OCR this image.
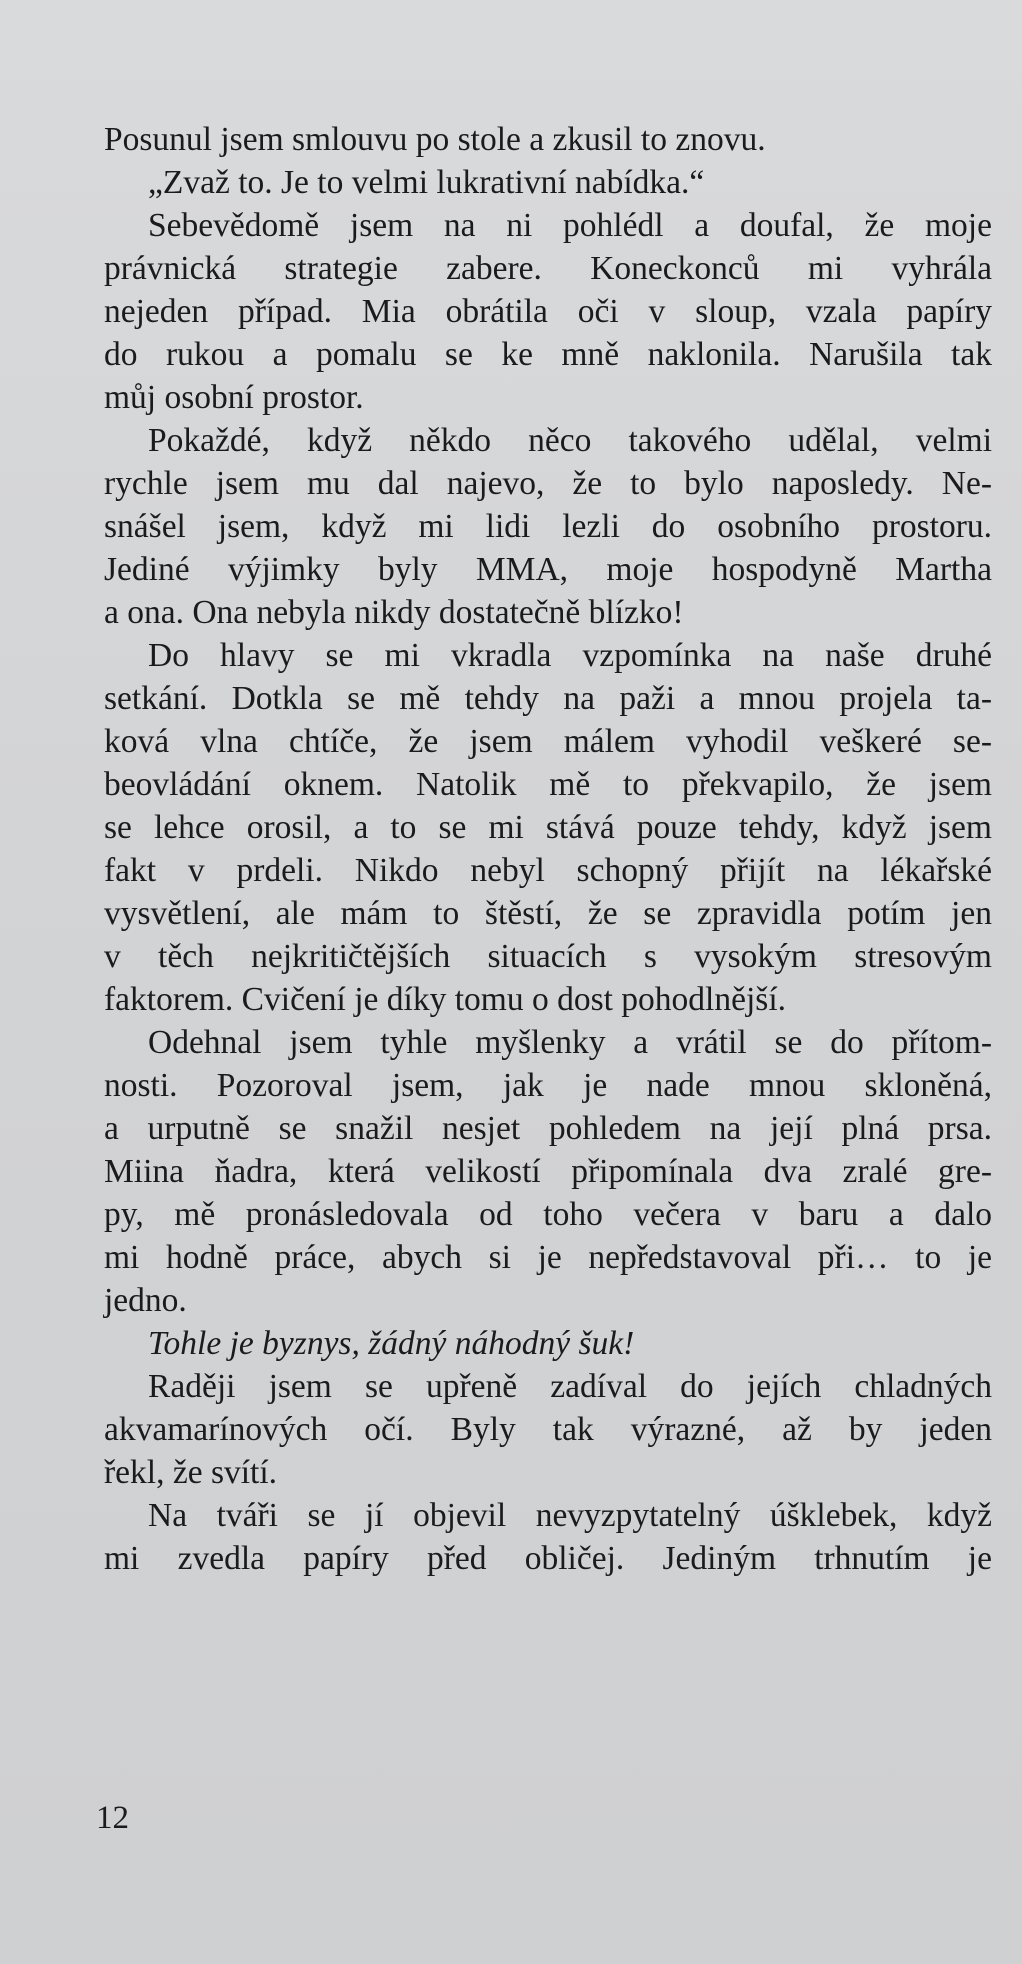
Posunul jsem smlouvu po stole a zkusil to znovu.

„Zvaž to. Je to velmi lukrativní nabídka.“

Sebevědomě jsem na ni pohlédl a doufal, že moje
právnická strategie zabere. Koneckonců mi vyhrála
nejeden případ. Mia obrátila oči v sloup, vzala papíry
do rukou a pomalu se ke mně naklonila. Narušila tak
můj osobní prostor.

Pokaždé, když někdo něco takového udělal, velmi
rychle jsem mu dal najevo, že to bylo naposledy. Ne-
snášel jsem, když mi lidi lezli do osobního prostoru.
Jediné výjimky byly MMA, moje hospodyně Martha
a ona. Ona nebyla nikdy dostatečně blízko!

Do hlavy se mi vkradla vzpomínka na naše druhé
setkání. Dotkla se mě tehdy na paži a mnou projela ta-
ková vlna chtíče, že jsem málem vyhodil veškeré se-
beovládání oknem. Natolik mě to překvapilo, že jsem
se lehce orosil, a to se mi stává pouze tehdy, když jsem
fakt v prdeli. Nikdo nebyl schopný přijít na lékařské
vysvětlení, ale mám to štěstí, že se zpravidla potím jen
v těch nejkritičtějších situacích s vysokým stresovým
faktorem. Cvičení je díky tomu o dost pohodlnější.

Odehnal jsem tyhle myšlenky a vrátil se do přítom-
nosti. Pozoroval jsem, jak je nade mnou skloněná,
a urputně se snažil nesjet pohledem na její plná prsa.
Miina ňadra, která velikostí připomínala dva zralé gre-
py, mě pronásledovala od toho večera v baru a dalo
mi hodně práce, abych si je nepředstavoval při… to je
jedno.

Tohle je byznys, žádný náhodný šuk!

Raději jsem se upřeně zadíval do jejích chladných
akvamarínových očí. Byly tak výrazné, až by jeden
řekl, že svítí.

Na tváři se jí objevil nevyzpytatelný úšklebek, když
mi zvedla papíry před obličej. Jediným trhnutím je

12
